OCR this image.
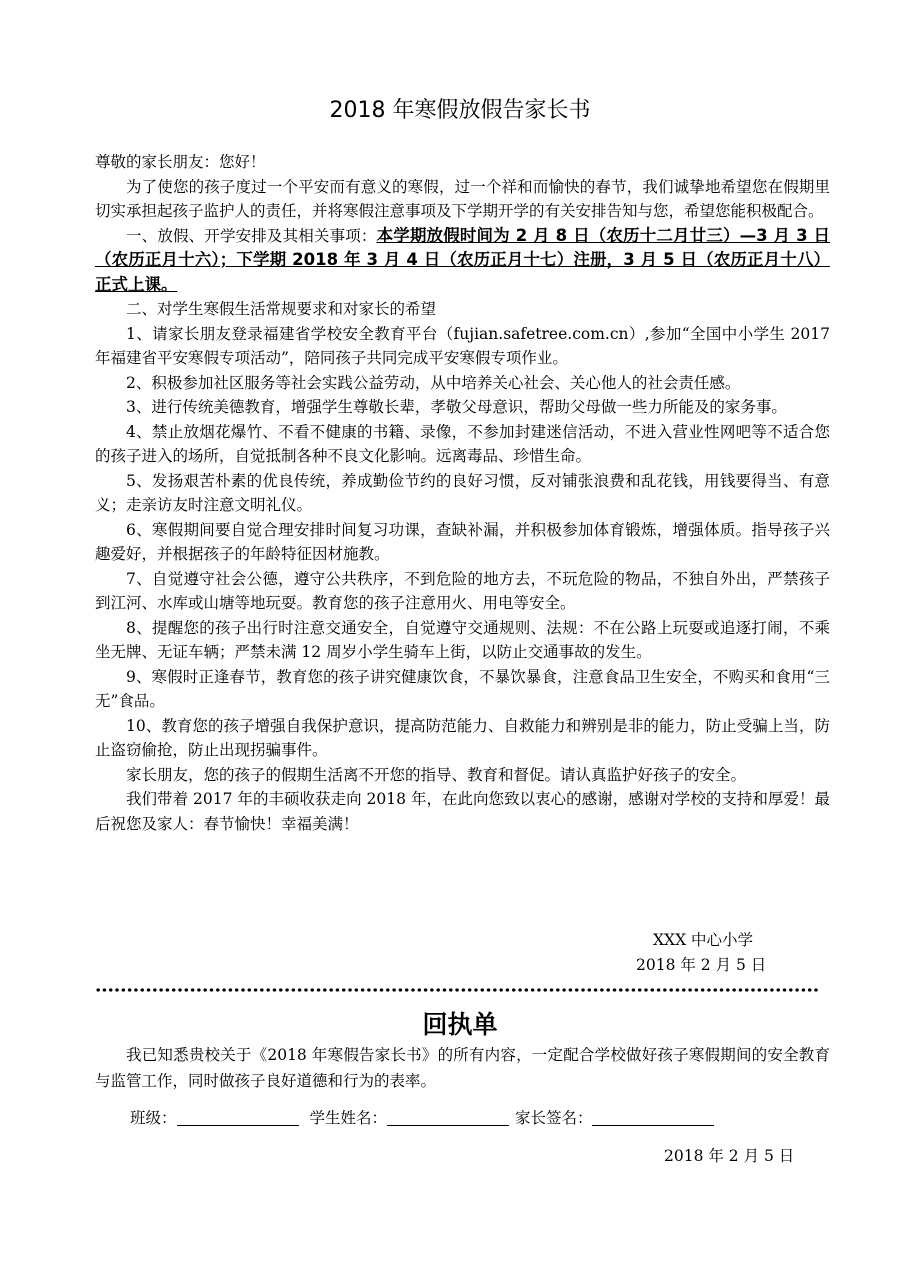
2018 年寒假放假告家长书

尊敬的家长朋友：您好！

为了使您的孩子度过一个平安而有意义的寒假，过一个祥和而愉快的春节，我们诚挚地希望您在假期里切实承担起孩子监护人的责任，并将寒假注意事项及下学期开学的有关安排告知与您，希望您能积极配合。

一、放假、开学安排及其相关事项：本学期放假时间为 2 月 8 日（农历十二月廿三）—3 月 3 日（农历正月十六）；下学期 2018 年 3 月 4 日（农历正月十七）注册，3 月 5 日（农历正月十八）正式上课。

二、对学生寒假生活常规要求和对家长的希望

1、请家长朋友登录福建省学校安全教育平台（fujian.safetree.com.cn）,参加“全国中小学生 2017 年福建省平安寒假专项活动”，陪同孩子共同完成平安寒假专项作业。

2、积极参加社区服务等社会实践公益劳动，从中培养关心社会、关心他人的社会责任感。

3、进行传统美德教育，增强学生尊敬长辈，孝敬父母意识，帮助父母做一些力所能及的家务事。

4、禁止放烟花爆竹、不看不健康的书籍、录像，不参加封建迷信活动，不进入营业性网吧等不适合您的孩子进入的场所，自觉抵制各种不良文化影响。远离毒品、珍惜生命。

5、发扬艰苦朴素的优良传统，养成勤俭节约的良好习惯，反对铺张浪费和乱花钱，用钱要得当、有意义；走亲访友时注意文明礼仪。

6、寒假期间要自觉合理安排时间复习功课，查缺补漏，并积极参加体育锻炼，增强体质。指导孩子兴趣爱好，并根据孩子的年龄特征因材施教。

7、自觉遵守社会公德，遵守公共秩序，不到危险的地方去，不玩危险的物品，不独自外出，严禁孩子到江河、水库或山塘等地玩耍。教育您的孩子注意用火、用电等安全。

8、提醒您的孩子出行时注意交通安全，自觉遵守交通规则、法规：不在公路上玩耍或追逐打闹，不乘坐无牌、无证车辆；严禁未满 12 周岁小学生骑车上街，以防止交通事故的发生。

9、寒假时正逢春节，教育您的孩子讲究健康饮食，不暴饮暴食，注意食品卫生安全，不购买和食用“三无”食品。

10、教育您的孩子增强自我保护意识，提高防范能力、自救能力和辨别是非的能力，防止受骗上当，防止盗窃偷抢，防止出现拐骗事件。

家长朋友，您的孩子的假期生活离不开您的指导、教育和督促。请认真监护好孩子的安全。

我们带着 2017 年的丰硕收获走向 2018 年，在此向您致以衷心的感谢，感谢对学校的支持和厚爱！最后祝您及家人：春节愉快！幸福美满！

XXX 中心小学
2018 年 2 月 5 日
回执单

我已知悉贵校关于《2018 年寒假告家长书》的所有内容，一定配合学校做好孩子寒假期间的安全教育与监管工作，同时做孩子良好道德和行为的表率。

班级：	学生姓名：	家长签名：
2018 年 2 月 5 日
